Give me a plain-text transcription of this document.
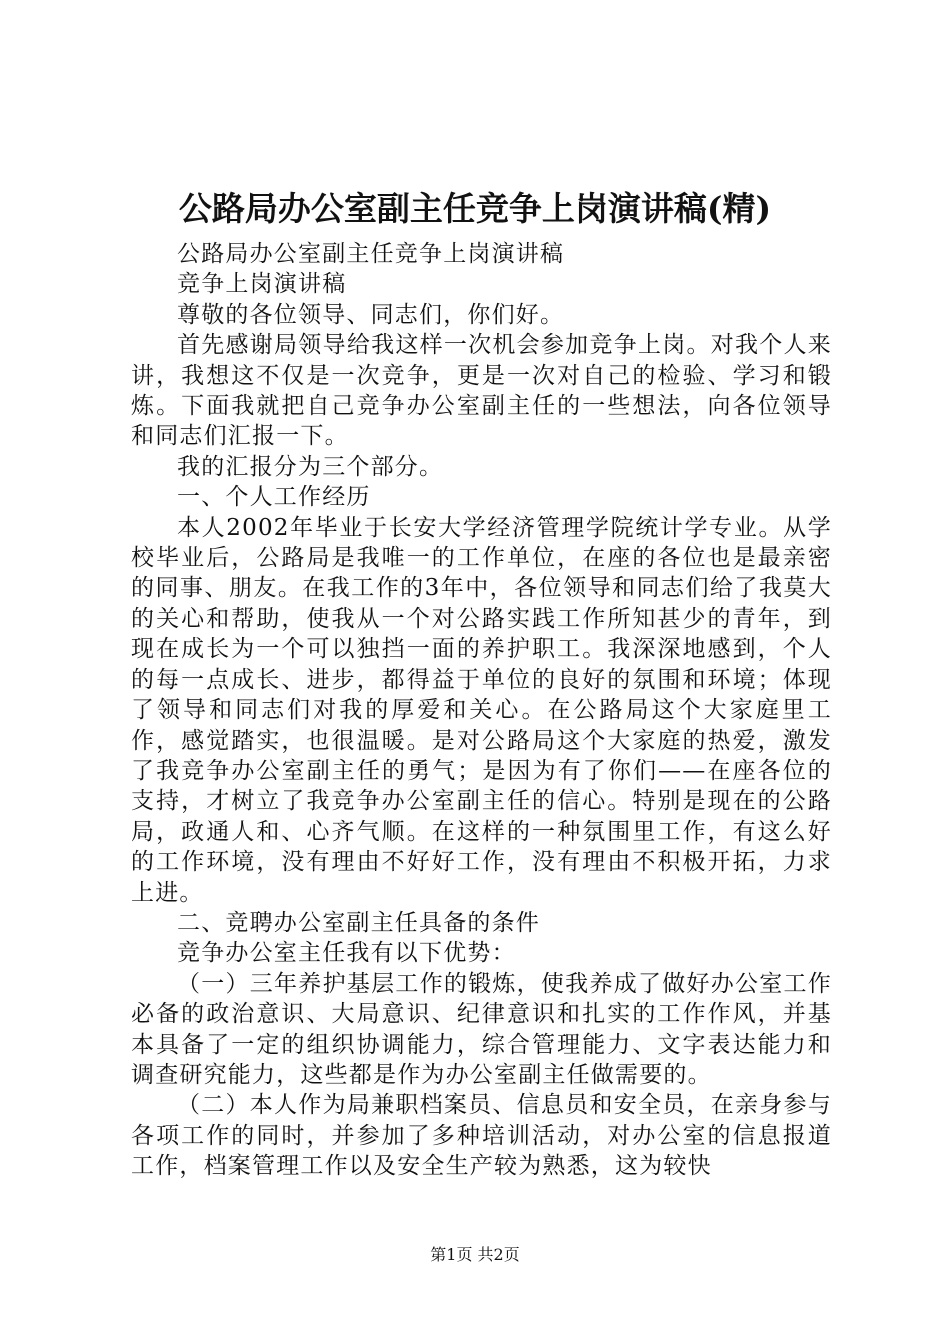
公路局办公室副主任竞争上岗演讲稿(精)

公路局办公室副主任竞争上岗演讲稿

竞争上岗演讲稿

尊敬的各位领导、同志们，你们好。

首先感谢局领导给我这样一次机会参加竞争上岗。对我个人来讲，我想这不仅是一次竞争，更是一次对自己的检验、学习和锻炼。下面我就把自己竞争办公室副主任的一些想法，向各位领导和同志们汇报一下。

我的汇报分为三个部分。

一、个人工作经历

本人2002年毕业于长安大学经济管理学院统计学专业。从学校毕业后，公路局是我唯一的工作单位，在座的各位也是最亲密的同事、朋友。在我工作的3年中，各位领导和同志们给了我莫大的关心和帮助，使我从一个对公路实践工作所知甚少的青年，到现在成长为一个可以独挡一面的养护职工。我深深地感到，个人的每一点成长、进步，都得益于单位的良好的氛围和环境；体现了领导和同志们对我的厚爱和关心。在公路局这个大家庭里工作，感觉踏实，也很温暖。是对公路局这个大家庭的热爱，激发了我竞争办公室副主任的勇气；是因为有了你们——在座各位的支持，才树立了我竞争办公室副主任的信心。特别是现在的公路局，政通人和、心齐气顺。在这样的一种氛围里工作，有这么好的工作环境，没有理由不好好工作，没有理由不积极开拓，力求上进。

二、竞聘办公室副主任具备的条件

竞争办公室主任我有以下优势：

（一）三年养护基层工作的锻炼，使我养成了做好办公室工作必备的政治意识、大局意识、纪律意识和扎实的工作作风，并基本具备了一定的组织协调能力，综合管理能力、文字表达能力和调查研究能力，这些都是作为办公室副主任做需要的。

（二）本人作为局兼职档案员、信息员和安全员，在亲身参与各项工作的同时，并参加了多种培训活动，对办公室的信息报道工作，档案管理工作以及安全生产较为熟悉，这为较快

第1页 共2页
